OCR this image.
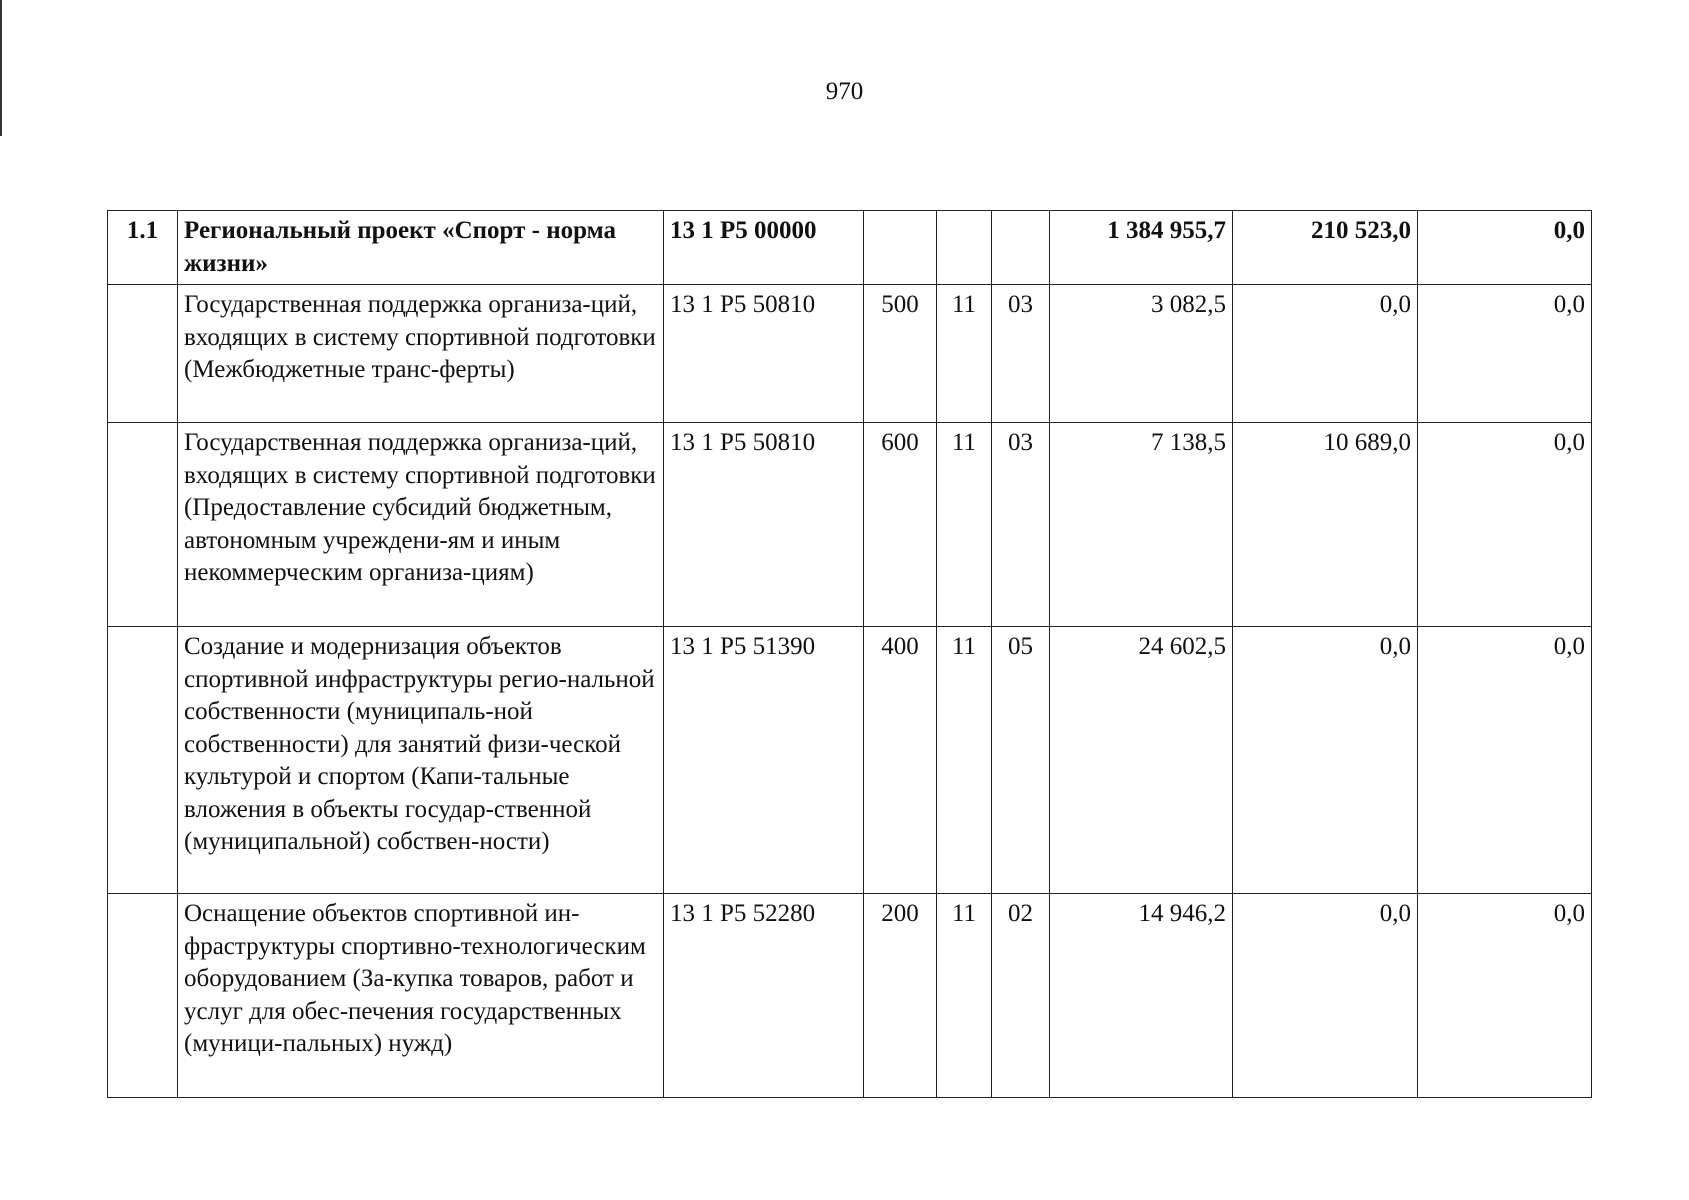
970
1.1	Региональный проект «Спорт - норма жизни»	13 1 Р5 00000				1 384 955,7	210 523,0	0,0
	Государственная поддержка организа-ций, входящих в систему спортивной подготовки (Межбюджетные транс-ферты)	13 1 Р5 50810	500	11	03	3 082,5	0,0	0,0
	Государственная поддержка организа-ций, входящих в систему спортивной подготовки (Предоставление субсидий бюджетным, автономным учреждени-ям и иным некоммерческим организа-циям)	13 1 Р5 50810	600	11	03	7 138,5	10 689,0	0,0
	Создание и модернизация объектов спортивной инфраструктуры регио-нальной собственности (муниципаль-ной собственности) для занятий физи-ческой культурой и спортом (Капи-тальные вложения в объекты государ-ственной (муниципальной) собствен-ности)	13 1 Р5 51390	400	11	05	24 602,5	0,0	0,0
	Оснащение объектов спортивной ин-фраструктуры спортивно-технологическим оборудованием (За-купка товаров, работ и услуг для обес-печения государственных (муници-пальных) нужд)	13 1 Р5 52280	200	11	02	14 946,2	0,0	0,0
